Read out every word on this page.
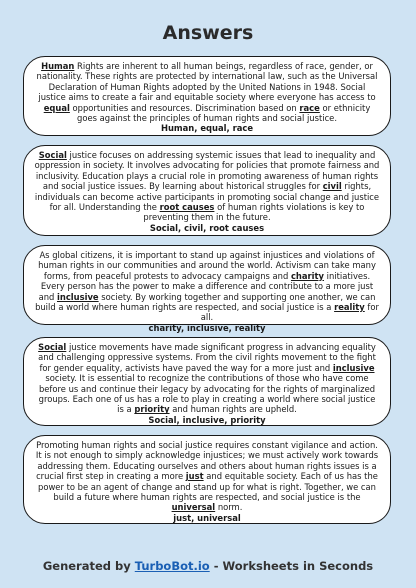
Answers

Human Rights are inherent to all human beings, regardless of race, gender, or nationality. These rights are protected by international law, such as the Universal Declaration of Human Rights adopted by the United Nations in 1948. Social justice aims to create a fair and equitable society where everyone has access to equal opportunities and resources. Discrimination based on race or ethnicity goes against the principles of human rights and social justice.

Human, equal, race

Social justice focuses on addressing systemic issues that lead to inequality and oppression in society. It involves advocating for policies that promote fairness and inclusivity. Education plays a crucial role in promoting awareness of human rights and social justice issues. By learning about historical struggles for civil rights, individuals can become active participants in promoting social change and justice for all. Understanding the root causes of human rights violations is key to preventing them in the future.

Social, civil, root causes

As global citizens, it is important to stand up against injustices and violations of human rights in our communities and around the world. Activism can take many forms, from peaceful protests to advocacy campaigns and charity initiatives. Every person has the power to make a difference and contribute to a more just and inclusive society. By working together and supporting one another, we can build a world where human rights are respected, and social justice is a reality for all.

charity, inclusive, reality

Social justice movements have made significant progress in advancing equality and challenging oppressive systems. From the civil rights movement to the fight for gender equality, activists have paved the way for a more just and inclusive society. It is essential to recognize the contributions of those who have come before us and continue their legacy by advocating for the rights of marginalized groups. Each one of us has a role to play in creating a world where social justice is a priority and human rights are upheld.

Social, inclusive, priority

Promoting human rights and social justice requires constant vigilance and action. It is not enough to simply acknowledge injustices; we must actively work towards addressing them. Educating ourselves and others about human rights issues is a crucial first step in creating a more just and equitable society. Each of us has the power to be an agent of change and stand up for what is right. Together, we can build a future where human rights are respected, and social justice is the universal norm.

just, universal
Generated by TurboBot.io - Worksheets in Seconds
